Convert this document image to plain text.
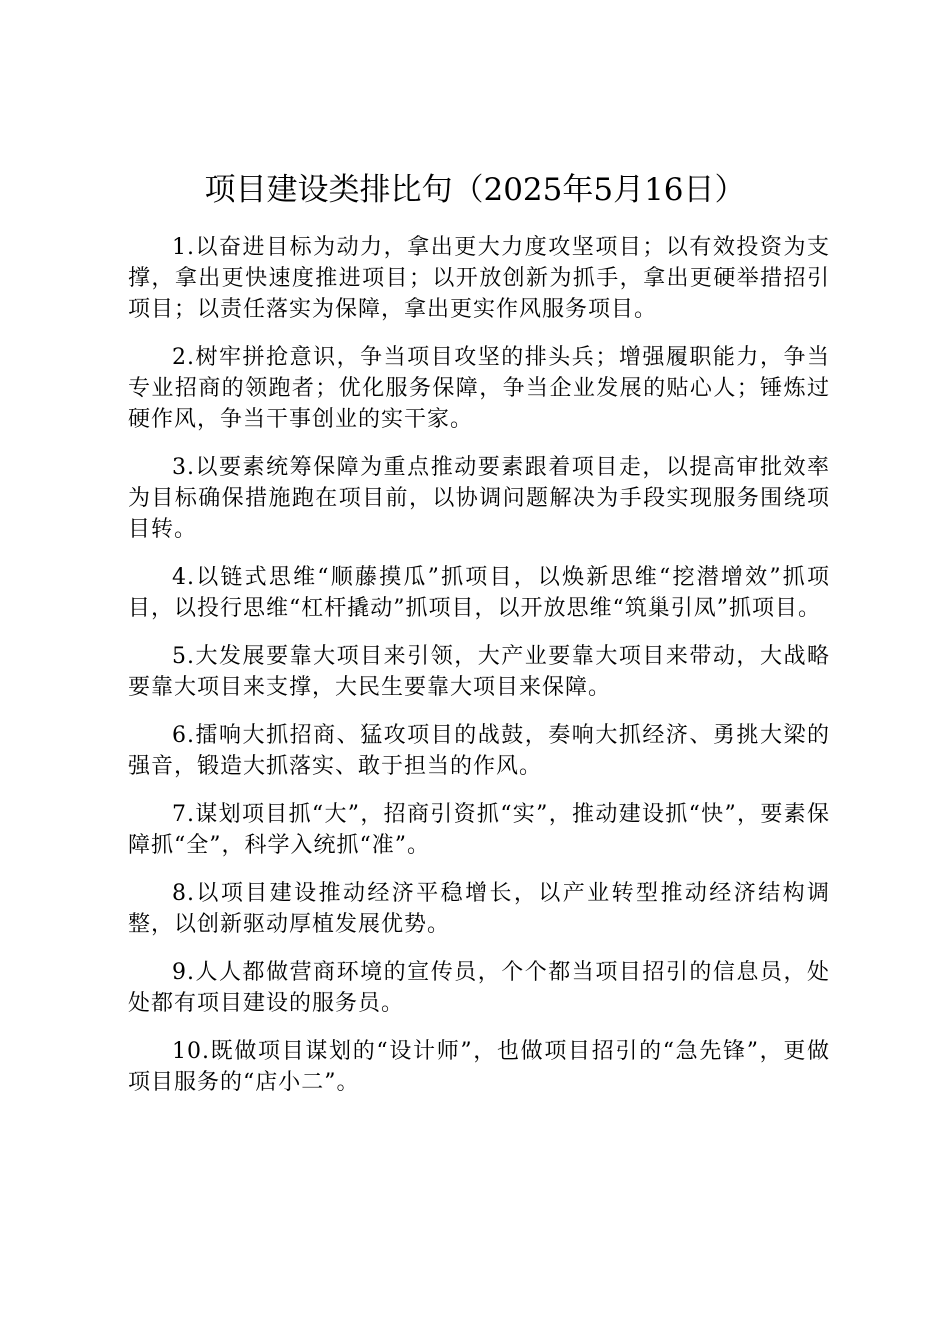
项目建设类排比句（2025年5月16日）

1.以奋进目标为动力，拿出更大力度攻坚项目；以有效投资为支撑，拿出更快速度推进项目；以开放创新为抓手，拿出更硬举措招引项目；以责任落实为保障，拿出更实作风服务项目。

2.树牢拼抢意识，争当项目攻坚的排头兵；增强履职能力，争当专业招商的领跑者；优化服务保障，争当企业发展的贴心人；锤炼过硬作风，争当干事创业的实干家。

3.以要素统筹保障为重点推动要素跟着项目走，以提高审批效率为目标确保措施跑在项目前，以协调问题解决为手段实现服务围绕项目转。

4.以链式思维“顺藤摸瓜”抓项目，以焕新思维“挖潜增效”抓项目，以投行思维“杠杆撬动”抓项目，以开放思维“筑巢引凤”抓项目。

5.大发展要靠大项目来引领，大产业要靠大项目来带动，大战略要靠大项目来支撑，大民生要靠大项目来保障。

6.擂响大抓招商、猛攻项目的战鼓，奏响大抓经济、勇挑大梁的强音，锻造大抓落实、敢于担当的作风。

7.谋划项目抓“大”，招商引资抓“实”，推动建设抓“快”，要素保障抓“全”，科学入统抓“准”。

8.以项目建设推动经济平稳增长，以产业转型推动经济结构调整，以创新驱动厚植发展优势。

9.人人都做营商环境的宣传员，个个都当项目招引的信息员，处处都有项目建设的服务员。

10.既做项目谋划的“设计师”，也做项目招引的“急先锋”，更做项目服务的“店小二”。
